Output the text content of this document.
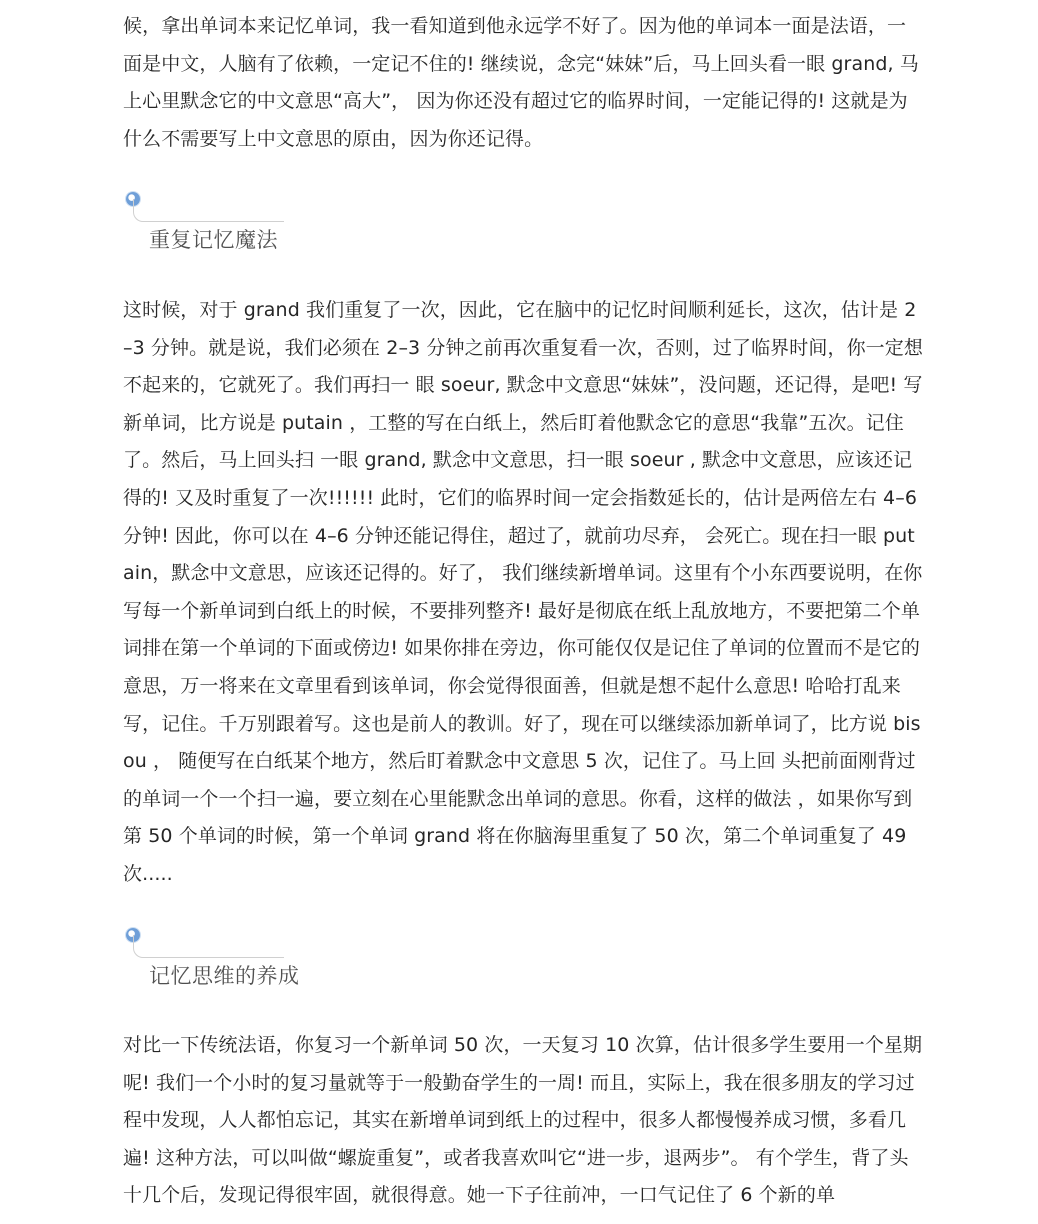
候，拿出单词本来记忆单词，我一看知道到他永远学不好了。因为他的单词本一面是法语，一面是中文，人脑有了依赖，一定记不住的! 继续说，念完“妹妹”后，马上回头看一眼 grand, 马上心里默念它的中文意思“高大”， 因为你还没有超过它的临界时间，一定能记得的! 这就是为什么不需要写上中文意思的原由，因为你还记得。

重复记忆魔法

这时候，对于 grand 我们重复了一次，因此，它在脑中的记忆时间顺利延长，这次，估计是 2–3 分钟。就是说，我们必须在 2–3 分钟之前再次重复看一次，否则，过了临界时间，你一定想不起来的，它就死了。我们再扫一 眼 soeur, 默念中文意思“妹妹”，没问题，还记得，是吧! 写新单词，比方说是 putain ，工整的写在白纸上，然后盯着他默念它的意思“我靠”五次。记住了。然后，马上回头扫 一眼 grand, 默念中文意思，扫一眼 soeur , 默念中文意思，应该还记得的! 又及时重复了一次!!!!!! 此时，它们的临界时间一定会指数延长的，估计是两倍左右 4–6 分钟! 因此，你可以在 4–6 分钟还能记得住，超过了，就前功尽弃， 会死亡。现在扫一眼 putain，默念中文意思，应该还记得的。好了， 我们继续新增单词。这里有个小东西要说明，在你写每一个新单词到白纸上的时候，不要排列整齐! 最好是彻底在纸上乱放地方，不要把第二个单词排在第一个单词的下面或傍边! 如果你排在旁边，你可能仅仅是记住了单词的位置而不是它的意思，万一将来在文章里看到该单词，你会觉得很面善，但就是想不起什么意思! 哈哈打乱来写，记住。千万别跟着写。这也是前人的教训。好了，现在可以继续添加新单词了，比方说 bisou ， 随便写在白纸某个地方，然后盯着默念中文意思 5 次，记住了。马上回 头把前面刚背过的单词一个一个扫一遍，要立刻在心里能默念出单词的意思。你看，这样的做法 ，如果你写到第 50 个单词的时候，第一个单词 grand 将在你脑海里重复了 50 次，第二个单词重复了 49 次.....

记忆思维的养成

对比一下传统法语，你复习一个新单词 50 次，一天复习 10 次算，估计很多学生要用一个星期呢! 我们一个小时的复习量就等于一般勤奋学生的一周! 而且，实际上，我在很多朋友的学习过程中发现，人人都怕忘记，其实在新增单词到纸上的过程中，很多人都慢慢养成习惯，多看几遍! 这种方法，可以叫做“螺旋重复”，或者我喜欢叫它“进一步，退两步”。 有个学生，背了头十几个后，发现记得很牢固，就很得意。她一下子往前冲，一口气记住了 6 个新的单
